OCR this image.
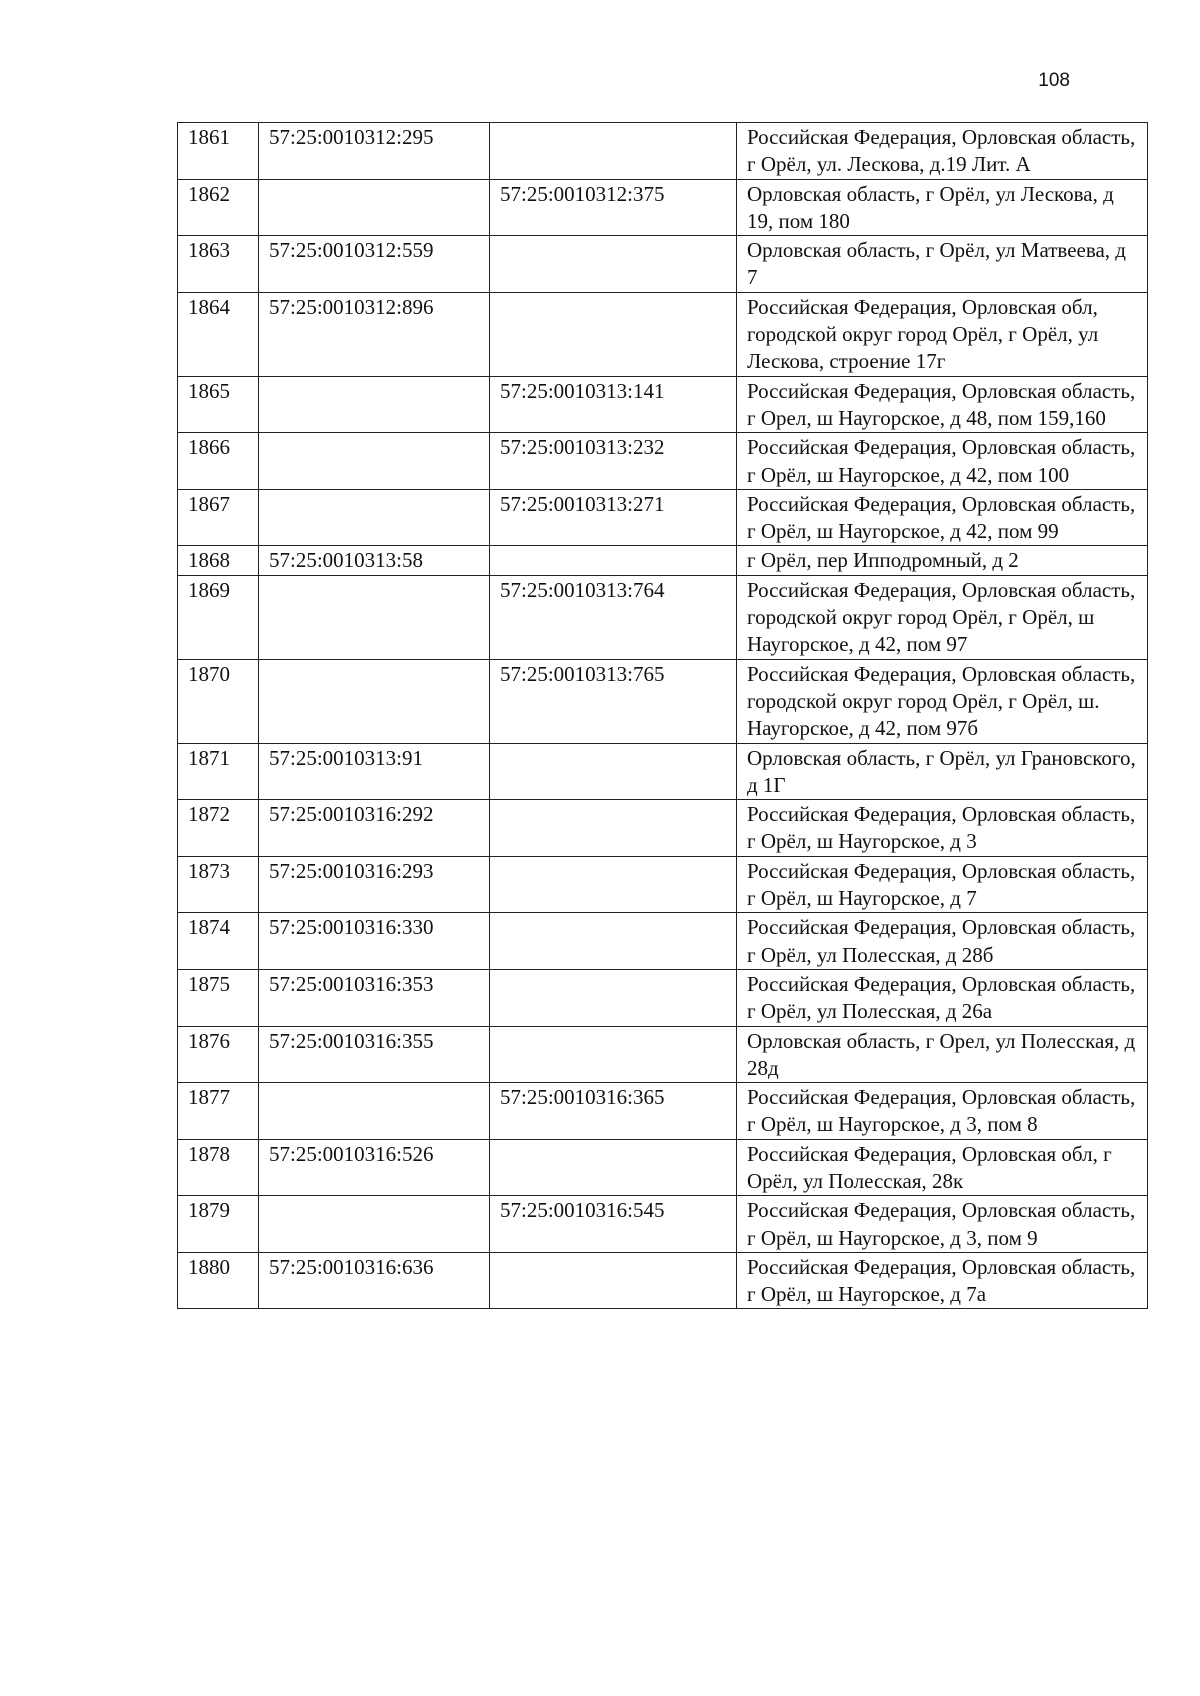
108
1861	57:25:0010312:295		Российская Федерация, Орловская область, г Орёл, ул. Лескова, д.19 Лит. А
1862		57:25:0010312:375	Орловская область, г Орёл, ул Лескова, д 19, пом 180
1863	57:25:0010312:559		Орловская область, г Орёл, ул Матвеева, д 7
1864	57:25:0010312:896		Российская Федерация, Орловская обл, городской округ город Орёл, г Орёл, ул Лескова, строение 17г
1865		57:25:0010313:141	Российская Федерация, Орловская область, г Орел, ш Наугорское, д 48, пом 159,160
1866		57:25:0010313:232	Российская Федерация, Орловская область, г Орёл, ш Наугорское, д 42, пом 100
1867		57:25:0010313:271	Российская Федерация, Орловская область, г Орёл, ш Наугорское, д 42, пом 99
1868	57:25:0010313:58		г Орёл, пер Ипподромный, д 2
1869		57:25:0010313:764	Российская Федерация, Орловская область, городской округ город Орёл, г Орёл, ш Наугорское, д 42, пом 97
1870		57:25:0010313:765	Российская Федерация, Орловская область, городской округ город Орёл, г Орёл, ш. Наугорское, д 42, пом 97б
1871	57:25:0010313:91		Орловская область, г Орёл, ул Грановского, д 1Г
1872	57:25:0010316:292		Российская Федерация, Орловская область, г Орёл, ш Наугорское, д 3
1873	57:25:0010316:293		Российская Федерация, Орловская область, г Орёл, ш Наугорское, д 7
1874	57:25:0010316:330		Российская Федерация, Орловская область, г Орёл, ул Полесская, д 28б
1875	57:25:0010316:353		Российская Федерация, Орловская область, г Орёл, ул Полесская, д 26а
1876	57:25:0010316:355		Орловская область, г Орел, ул Полесская, д 28д
1877		57:25:0010316:365	Российская Федерация, Орловская область, г Орёл, ш Наугорское, д 3, пом 8
1878	57:25:0010316:526		Российская Федерация, Орловская обл, г Орёл, ул Полесская, 28к
1879		57:25:0010316:545	Российская Федерация, Орловская область, г Орёл, ш Наугорское, д 3, пом 9
1880	57:25:0010316:636		Российская Федерация, Орловская область, г Орёл, ш Наугорское, д 7а
